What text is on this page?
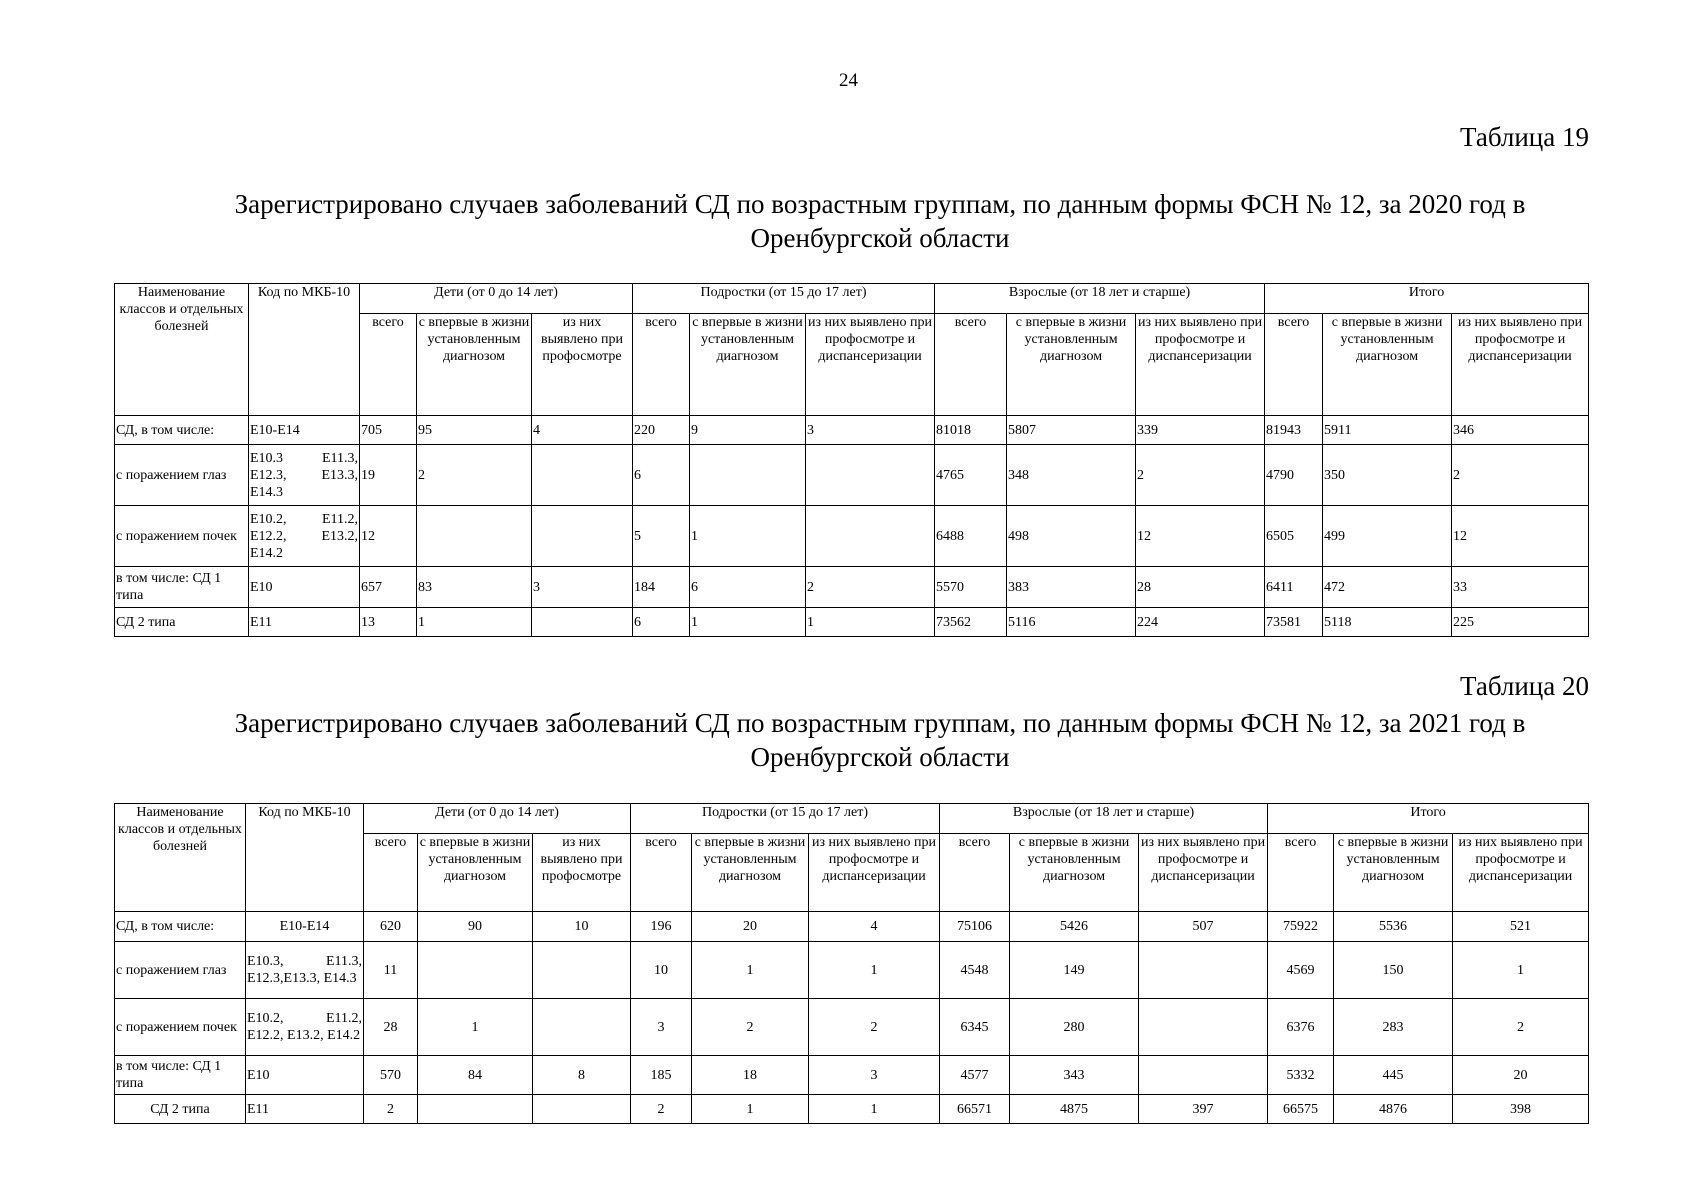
24
Таблица 19
Зарегистрировано случаев заболеваний СД по возрастным группам, по данным формы ФСН № 12, за 2020 год в Оренбургской области
Наименование классов и отдельных болезней	Код по МКБ-10	Дети (от 0 до 14 лет)			Подростки (от 15 до 17 лет)			Взрослые (от 18 лет и старше)			Итого		
		всего	с впервые в жизни установленным диагнозом	из них выявлено при профосмотре	всего	с впервые в жизни установленным диагнозом	из них выявлено при профосмотре и диспансеризации	всего	с впервые в жизни установленным диагнозом	из них выявлено при профосмотре и диспансеризации	всего	с впервые в жизни установленным диагнозом	из них выявлено при профосмотре и диспансеризации
СД, в том числе:	E10-E14	705	95	4	220	9	3	81018	5807	339	81943	5911	346
с поражением глаз	E10.3 E11.3, E12.3, E13.3, E14.3	19	2		6			4765	348	2	4790	350	2
с поражением почек	E10.2, E11.2, E12.2, E13.2, E14.2	12			5	1		6488	498	12	6505	499	12
в том числе: СД 1 типа	E10	657	83	3	184	6	2	5570	383	28	6411	472	33
СД 2 типа	E11	13	1		6	1	1	73562	5116	224	73581	5118	225
Таблица 20
Зарегистрировано случаев заболеваний СД по возрастным группам, по данным формы ФСН № 12, за 2021 год в Оренбургской области
Наименование классов и отдельных болезней	Код по МКБ-10	Дети (от 0 до 14 лет)			Подростки (от 15 до 17 лет)			Взрослые (от 18 лет и старше)			Итого		
		всего	с впервые в жизни установленным диагнозом	из них выявлено при профосмотре	всего	с впервые в жизни установленным диагнозом	из них выявлено при профосмотре и диспансеризации	всего	с впервые в жизни установленным диагнозом	из них выявлено при профосмотре и диспансеризации	всего	с впервые в жизни установленным диагнозом	из них выявлено при профосмотре и диспансеризации
СД, в том числе:	E10-E14	620	90	10	196	20	4	75106	5426	507	75922	5536	521
с поражением глаз	E10.3, E11.3, E12.3,E13.3, E14.3	11			10	1	1	4548	149		4569	150	1
с поражением почек	E10.2, E11.2, E12.2, E13.2, E14.2	28	1		3	2	2	6345	280		6376	283	2
в том числе: СД 1 типа	E10	570	84	8	185	18	3	4577	343		5332	445	20
СД 2 типа	E11	2			2	1	1	66571	4875	397	66575	4876	398
